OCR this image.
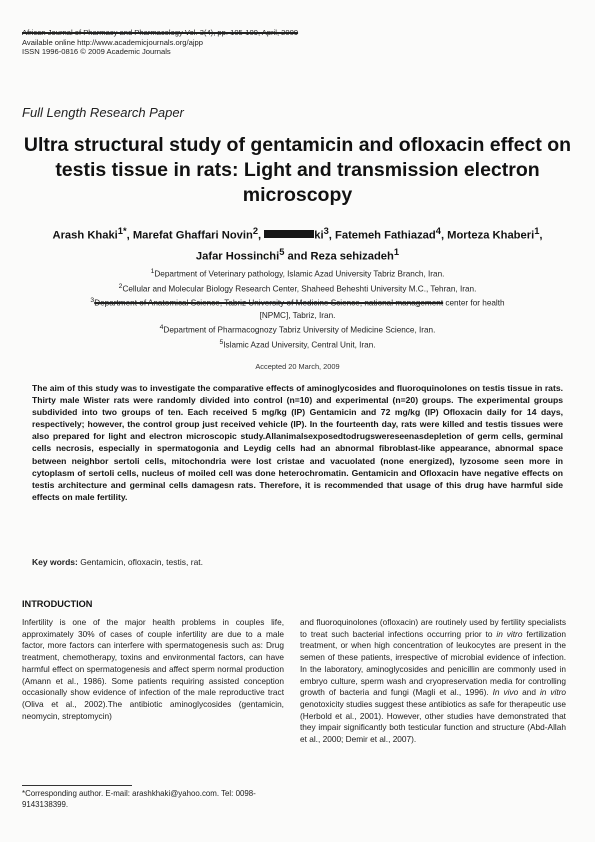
African Journal of Pharmacy and Pharmacology Vol. 3(4), pp. 105-109, April, 2009
Available online http://www.academicjournals.org/ajpp
ISSN 1996-0816 © 2009 Academic Journals
Full Length Research Paper
Ultra structural study of gentamicin and ofloxacin effect on testis tissue in rats: Light and transmission electron microscopy
Arash Khaki$^{1*}$, Marefat Ghaffari Novin$^2$,	$ki^3$, Fatemeh Fathiazad$^4$, Morteza Khaberi$^1$, Jafar Hossinchi$^5$ and Reza sehizadeh$^1$
$^1$Department of Veterinary pathology, Islamic Azad University Tabriz Branch, Iran.
$^2$Cellular and Molecular Biology Research Center, Shaheed Beheshti University M.C., Tehran, Iran.
$^3$Department of Anatomical Science, Tabriz University of Medicine Science, national management center for health
[NPMC], Tabriz, Iran.
$^4$Department of Pharmacognozy Tabriz University of Medicine Science, Iran.
$^5$Islamic Azad University, Central Unit, Iran.
Accepted 20 March, 2009
The aim of this study was to investigate the comparative effects of aminoglycosides and fluoroquinolones on testis tissue in rats. Thirty male Wister rats were randomly divided into control (n=10) and experimental (n=20) groups. The experimental groups subdivided into two groups of ten. Each received 5 mg/kg (IP) Gentamicin and 72 mg/kg (IP) Ofloxacin daily for 14 days, respectively; however, the control group just received vehicle (IP). In the fourteenth day, rats were killed and testis tissues were also prepared for light and electron microscopic study.Allanimalsexposedtodrugswereseenasdepletion of germ cells, germinal cells necrosis, especially in spermatogonia and Leydig cells had an abnormal fibroblast-like appearance, abnormal space between neighbor sertoli cells, mitochondria were lost cristae and vacuolated (none energized), lyzosome seen more in cytoplasm of sertoli cells, nucleus of moiled cell was done heterochromatin. Gentamicin and Ofloxacin have negative effects on testis architecture and germinal cells damagesn rats. Therefore, it is recommended that usage of this drug have harmful side effects on male fertility.
Key words: Gentamicin, ofloxacin, testis, rat.
INTRODUCTION
Infertility is one of the major health problems in couples life, approximately 30% of cases of couple infertility are due to a male factor, more factors can interfere with spermatogenesis such as: Drug treatment, chemotherapy, toxins and environmental factors, can have harmful effect on spermatogenesis and affect sperm normal production (Amann et al., 1986). Some patients requiring assisted conception occasionally show evidence of infection of the male reproductive tract (Oliva et al., 2002).The antibiotic aminoglycosides (gentamicin, neomycin, streptomycin)
and fluoroquinolones (ofloxacin) are routinely used by fertility specialists to treat such bacterial infections occurring prior to in vitro fertilization treatment, or when high concentration of leukocytes are present in the semen of these patients, irrespective of microbial evidence of infection. In the laboratory, aminoglycosides and penicillin are commonly used in embryo culture, sperm wash and cryopreservation media for controlling growth of bacteria and fungi (Magli et al., 1996). In vivo and in vitro genotoxicity studies suggest these antibiotics as safe for therapeutic use (Herbold et al., 2001). However, other studies have demonstrated that they impair significantly both testicular function and structure (Abd-Allah et al., 2000; Demir et al., 2007).
*Corresponding author. E-mail: arashkhaki@yahoo.com. Tel: 0098-9143138399.
